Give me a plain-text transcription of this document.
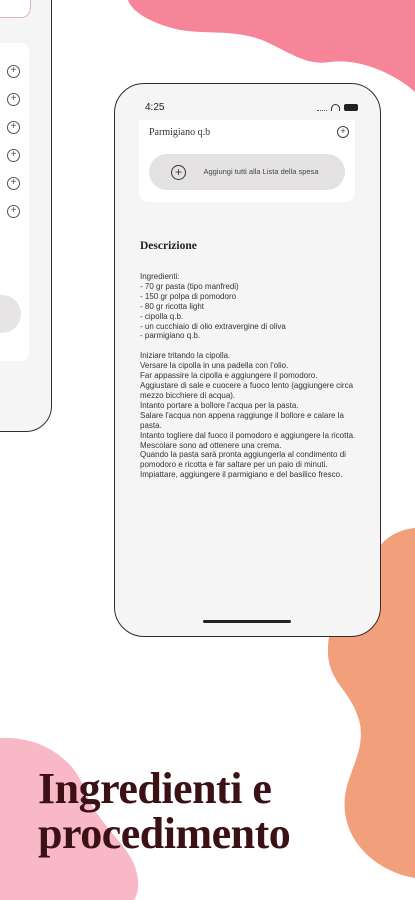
+
+
+
+
+
+
4:25
Parmigiano q.b	+
+	Aggiungi tutti alla Lista della spesa
Descrizione

Ingredienti:

- 70 gr pasta (tipo manfredi)

- 150 gr polpa di pomodoro

- 80 gr ricotta light

- cipolla q.b.

- un cucchiaio di olio extravergine di oliva

- parmigiano q.b.

Iniziare tritando la cipolla.

Versare la cipolla in una padella con l'olio.

Far appassire la cipolla e aggiungere il pomodoro.

Aggiustare di sale e cuocere a fuoco lento (aggiungere circa mezzo bicchiere di acqua).

Intanto portare a bollore l'acqua per la pasta.

Salare l'acqua non appena raggiunge il bollore e calare la pasta.

Intanto togliere dal fuoco il pomodoro e aggiungere la ricotta.

Mescolare sono ad ottenere una crema.

Quando la pasta sarà pronta aggiungerla al condimento di pomodoro e ricotta e far saltare per un paio di minuti.

Impiattare, aggiungere il parmigiano e del basilico fresco.

Ingredienti e
procedimento
